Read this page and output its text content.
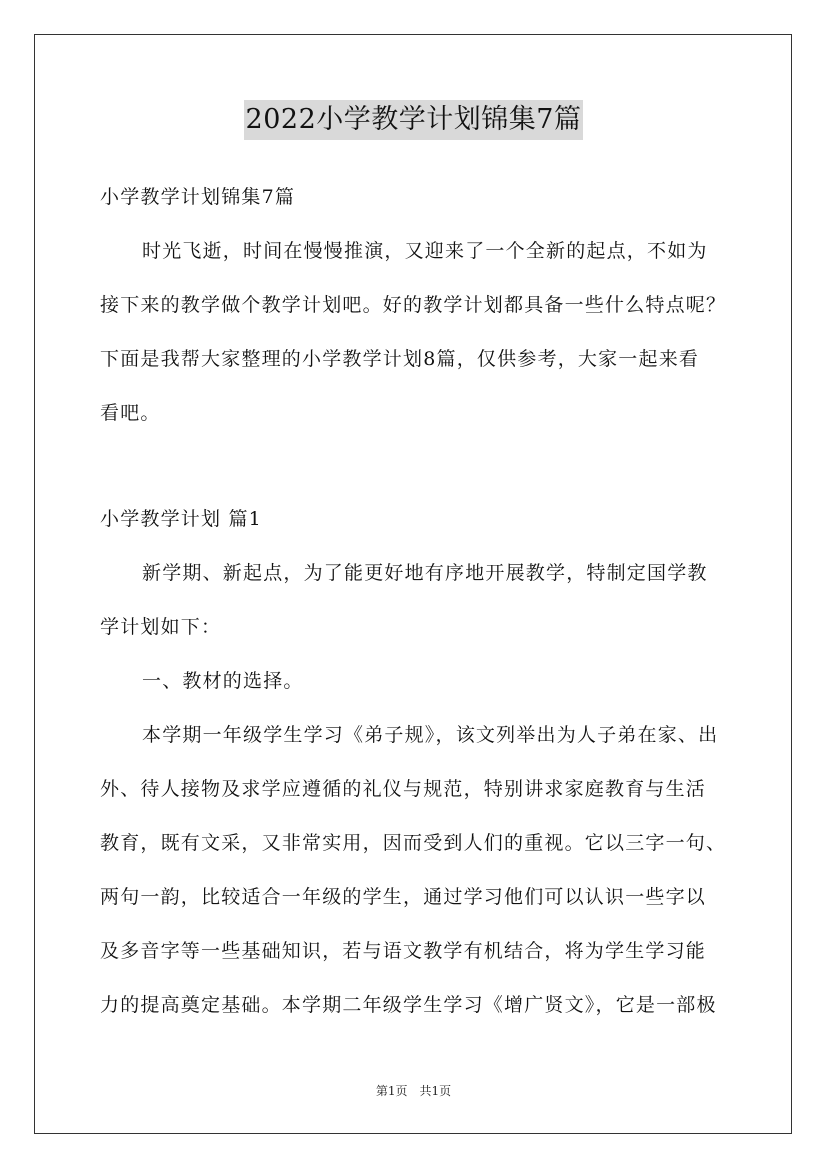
2022小学教学计划锦集7篇
小学教学计划锦集7篇
时光飞逝，时间在慢慢推演，又迎来了一个全新的起点，不如为
接下来的教学做个教学计划吧。好的教学计划都具备一些什么特点呢？
下面是我帮大家整理的小学教学计划8篇，仅供参考，大家一起来看
看吧。
小学教学计划 篇1
新学期、新起点，为了能更好地有序地开展教学，特制定国学教
学计划如下：
一、教材的选择。
本学期一年级学生学习《弟子规》，该文列举出为人子弟在家、出
外、待人接物及求学应遵循的礼仪与规范，特别讲求家庭教育与生活
教育，既有文采，又非常实用，因而受到人们的重视。它以三字一句、
两句一韵，比较适合一年级的学生，通过学习他们可以认识一些字以
及多音字等一些基础知识，若与语文教学有机结合，将为学生学习能
力的提高奠定基础。本学期二年级学生学习《增广贤文》，它是一部极
第1页 共1页
